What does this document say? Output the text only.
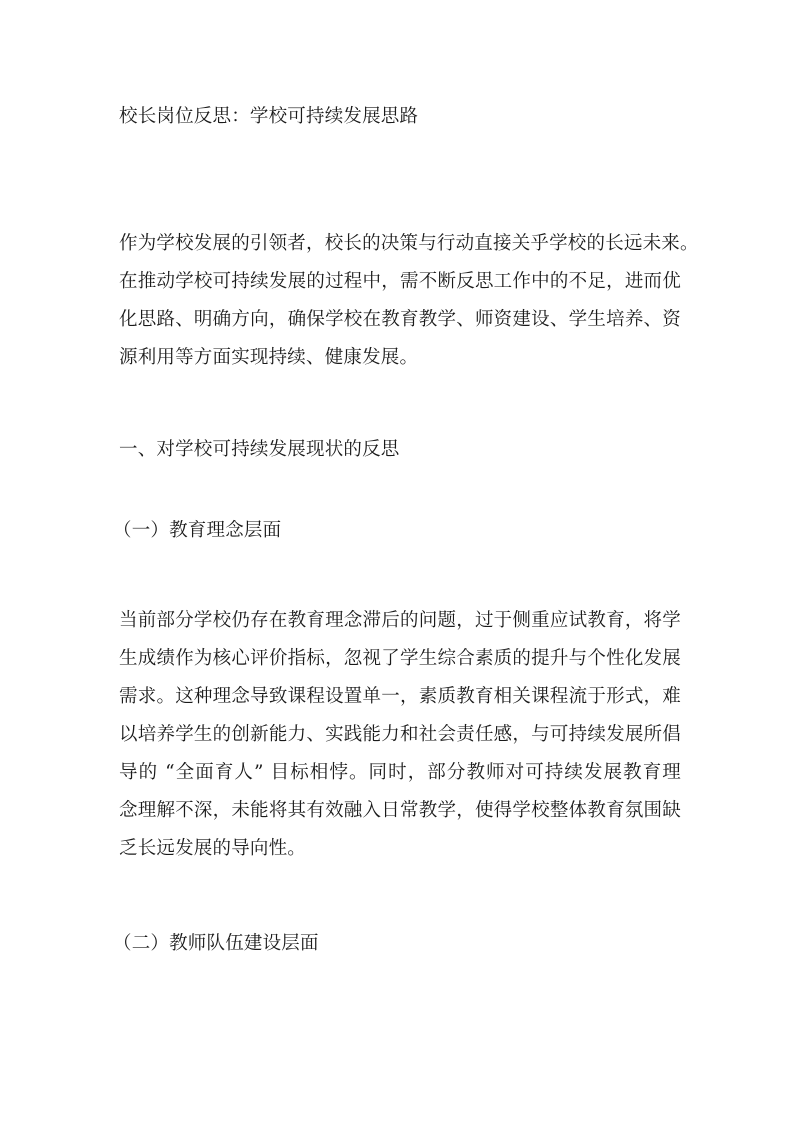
校长岗位反思：学校可持续发展思路
作为学校发展的引领者，校长的决策与行动直接关乎学校的长远未来。
在推动学校可持续发展的过程中，需不断反思工作中的不足，进而优
化思路、明确方向，确保学校在教育教学、师资建设、学生培养、资
源利用等方面实现持续、健康发展。
一、对学校可持续发展现状的反思
（一）教育理念层面
当前部分学校仍存在教育理念滞后的问题，过于侧重应试教育，将学
生成绩作为核心评价指标，忽视了学生综合素质的提升与个性化发展
需求。这种理念导致课程设置单一，素质教育相关课程流于形式，难
以培养学生的创新能力、实践能力和社会责任感，与可持续发展所倡
导的 “全面育人” 目标相悖。同时，部分教师对可持续发展教育理
念理解不深，未能将其有效融入日常教学，使得学校整体教育氛围缺
乏长远发展的导向性。
（二）教师队伍建设层面
